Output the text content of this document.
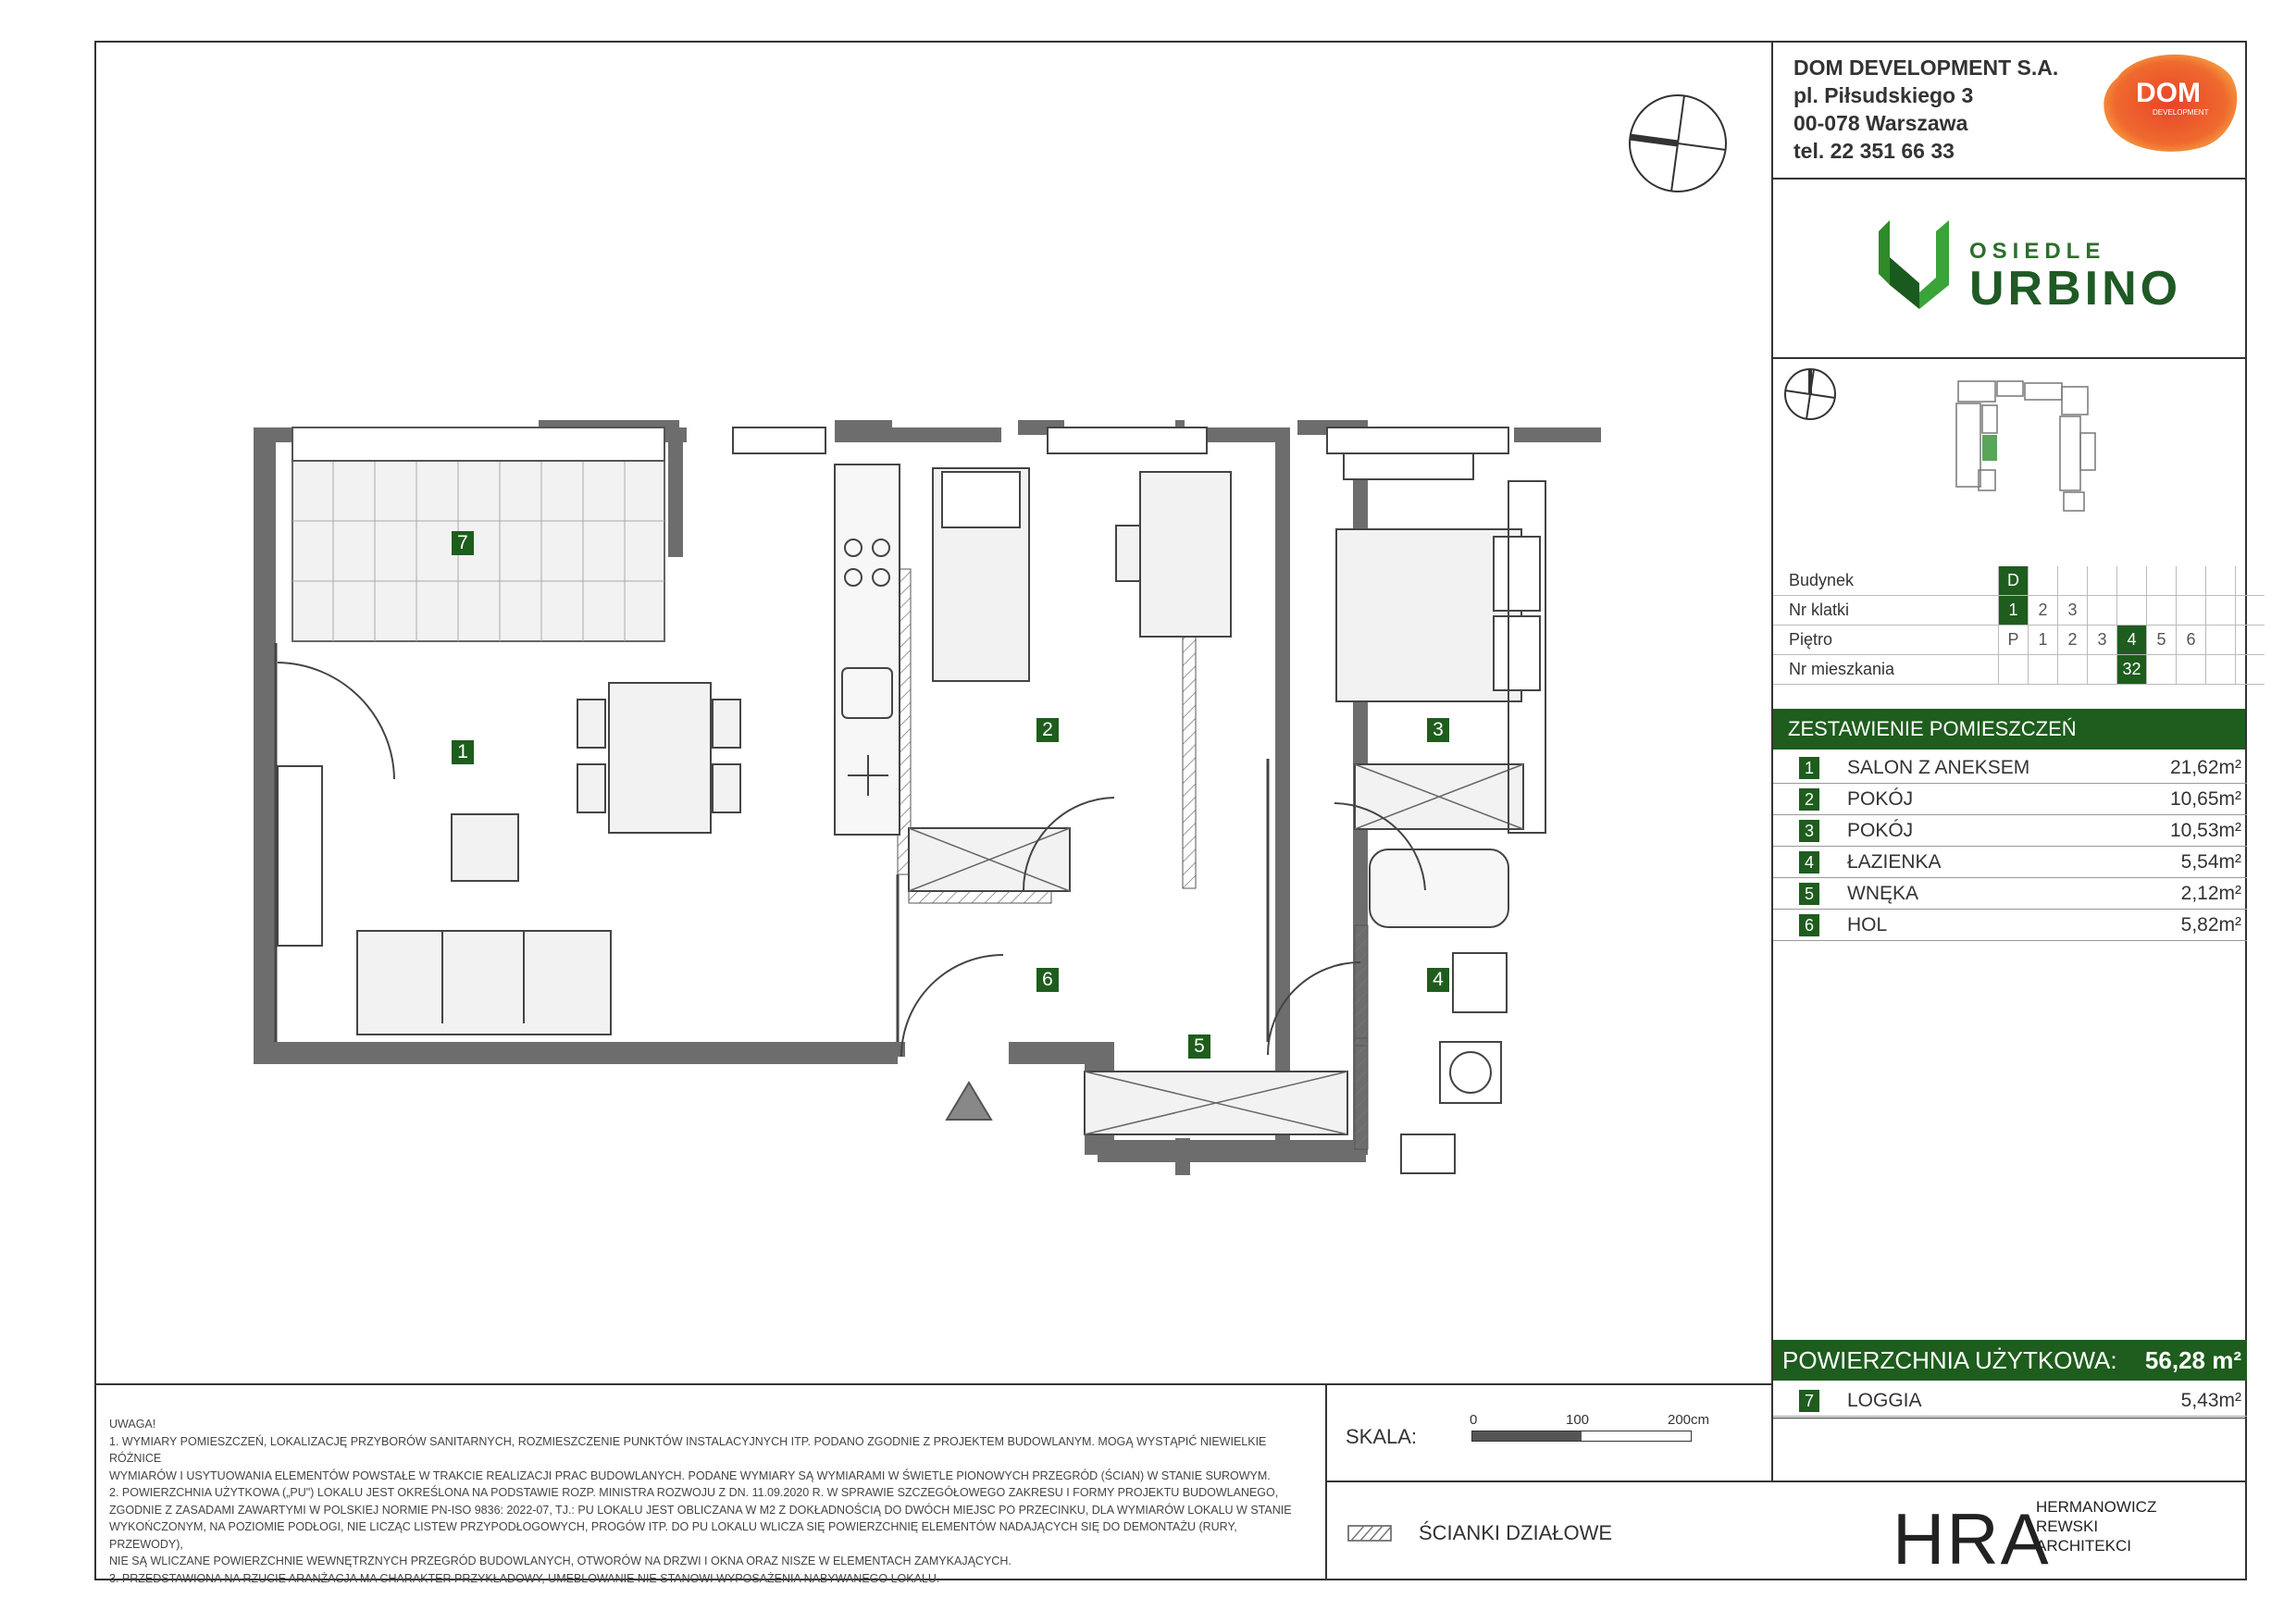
DOM DEVELOPMENT S.A.
pl. Piłsudskiego 3
00-078 Warszawa
tel. 22 351 66 33
DOM
DEVELOPMENT
OSIEDLE
URBINO
Budynek	D								
Nr klatki	1	2	3						
Piętro	P	1	2	3	4	5	6		
Nr mieszkania					32				
ZESTAWIENIE POMIESZCZEŃ
1 SALON Z ANEKSEM	21,62m²
2 POKÓJ	10,65m²
3 POKÓJ	10,53m²
4 ŁAZIENKA	5,54m²
5 WNĘKA	2,12m²
6 HOL	5,82m²
POWIERZCHNIA UŻYTKOWA: 56,28 m²
7 LOGGIA	5,43m²
7
1
2	3
4
5
6
UWAGA!
1. WYMIARY POMIESZCZEŃ, LOKALIZACJĘ PRZYBORÓW SANITARNYCH, ROZMIESZCZENIE PUNKTÓW INSTALACYJNYCH ITP. PODANO ZGODNIE Z PROJEKTEM BUDOWLANYM. MOGĄ WYSTĄPIĆ NIEWIELKIE RÓŻNICE
WYMIARÓW I USYTUOWANIA ELEMENTÓW POWSTAŁE W TRAKCIE REALIZACJI PRAC BUDOWLANYCH. PODANE WYMIARY SĄ WYMIARAMI W ŚWIETLE PIONOWYCH PRZEGRÓD (ŚCIAN) W STANIE SUROWYM.
2. POWIERZCHNIA UŻYTKOWA („PU") LOKALU JEST OKREŚLONA NA PODSTAWIE ROZP. MINISTRA ROZWOJU Z DN. 11.09.2020 R. W SPRAWIE SZCZEGÓŁOWEGO ZAKRESU I FORMY PROJEKTU BUDOWLANEGO,
ZGODNIE Z ZASADAMI ZAWARTYMI W POLSKIEJ NORMIE PN-ISO 9836: 2022-07, TJ.: PU LOKALU JEST OBLICZANA W M2 Z DOKŁADNOŚCIĄ DO DWÓCH MIEJSC PO PRZECINKU, DLA WYMIARÓW LOKALU W STANIE
WYKOŃCZONYM, NA POZIOMIE PODŁOGI, NIE LICZĄC LISTEW PRZYPODŁOGOWYCH, PROGÓW ITP. DO PU LOKALU WLICZA SIĘ POWIERZCHNIĘ ELEMENTÓW NADAJĄCYCH SIĘ DO DEMONTAŻU (RURY, PRZEWODY),
NIE SĄ WLICZANE POWIERZCHNIE WEWNĘTRZNYCH PRZEGRÓD BUDOWLANYCH, OTWORÓW NA DRZWI I OKNA ORAZ NISZE W ELEMENTACH ZAMYKAJĄCYCH.
3. PRZEDSTAWIONA NA RZUCIE ARANŻACJA MA CHARAKTER PRZYKŁADOWY, UMEBLOWANIE NIE STANOWI WYPOSAŻENIA NABYWANEGO LOKALU.
SKALA:
0	100	200cm
ŚCIANKI DZIAŁOWE	HRA
HERMANOWICZ
REWSKI
ARCHITEKCI
